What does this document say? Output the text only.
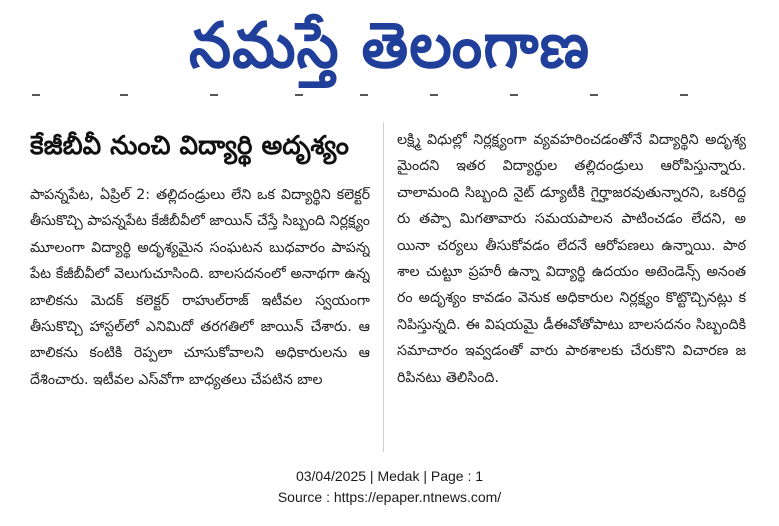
నమస్తే తెలంగాణ
కేజీబీవీ నుంచి విద్యార్థి అదృశ్యం
పాపన్నపేట, ఏప్రిల్ 2: తల్లిదండ్రులు లేని ఒక విద్యార్థిని కలెక్టర్ తీసుకొచ్చి పాపన్నపేట కేజీబీవీలో జాయిన్ చేస్తే సిబ్బంది నిర్లక్ష్యం మూలంగా విద్యార్థి అదృశ్యమైన సంఘటన బుధవారం పాపన్నపేట కేజీబీవీలో వెలుగుచూసింది. బాలసదనంలో అనాథగా ఉన్న బాలికను మెదక్ కలెక్టర్ రాహుల్‌రాజ్ ఇటీవల స్వయంగా తీసుకొచ్చి హాస్టల్‌లో ఎనిమిదో తరగతిలో జాయిన్ చేశారు. ఆ బాలికను కంటికి రెప్పలా చూసుకోవాలని అధికారులను ఆదేశించారు. ఇటీవల ఎస్‌వోగా బాధ్యతలు చేపటిన బాల
లక్ష్మి విధుల్లో నిర్లక్ష్యంగా వ్యవహరించడంతోనే విద్యార్థిని అదృశ్యమైందని ఇతర విద్యార్థుల తల్లిదండ్రులు ఆరోపిస్తున్నారు. చాలామంది సిబ్బంది నైట్ డ్యూటీకి గైర్హాజరవుతున్నారని, ఒకరిద్దరు తప్పా మిగతావారు సమయపాలన పాటించడం లేదని, అయినా చర్యలు తీసుకోవడం లేదనే ఆరోపణలు ఉన్నాయి. పాఠశాల చుట్టూ ప్రహరీ ఉన్నా విద్యార్థి ఉదయం అటెండెన్స్ అనంతరం అదృశ్యం కావడం వెనుక అధికారుల నిర్లక్ష్యం కొట్టొచ్చినట్లు కనిపిస్తున్నది. ఈ విషయమై డీఈవోతోపాటు బాలసదనం సిబ్బందికి సమాచారం ఇవ్వడంతో వారు పాఠశాలకు చేరుకొని విచారణ జరిపినటు తెలిసింది.
03/04/2025 | Medak | Page : 1
Source : https://epaper.ntnews.com/
